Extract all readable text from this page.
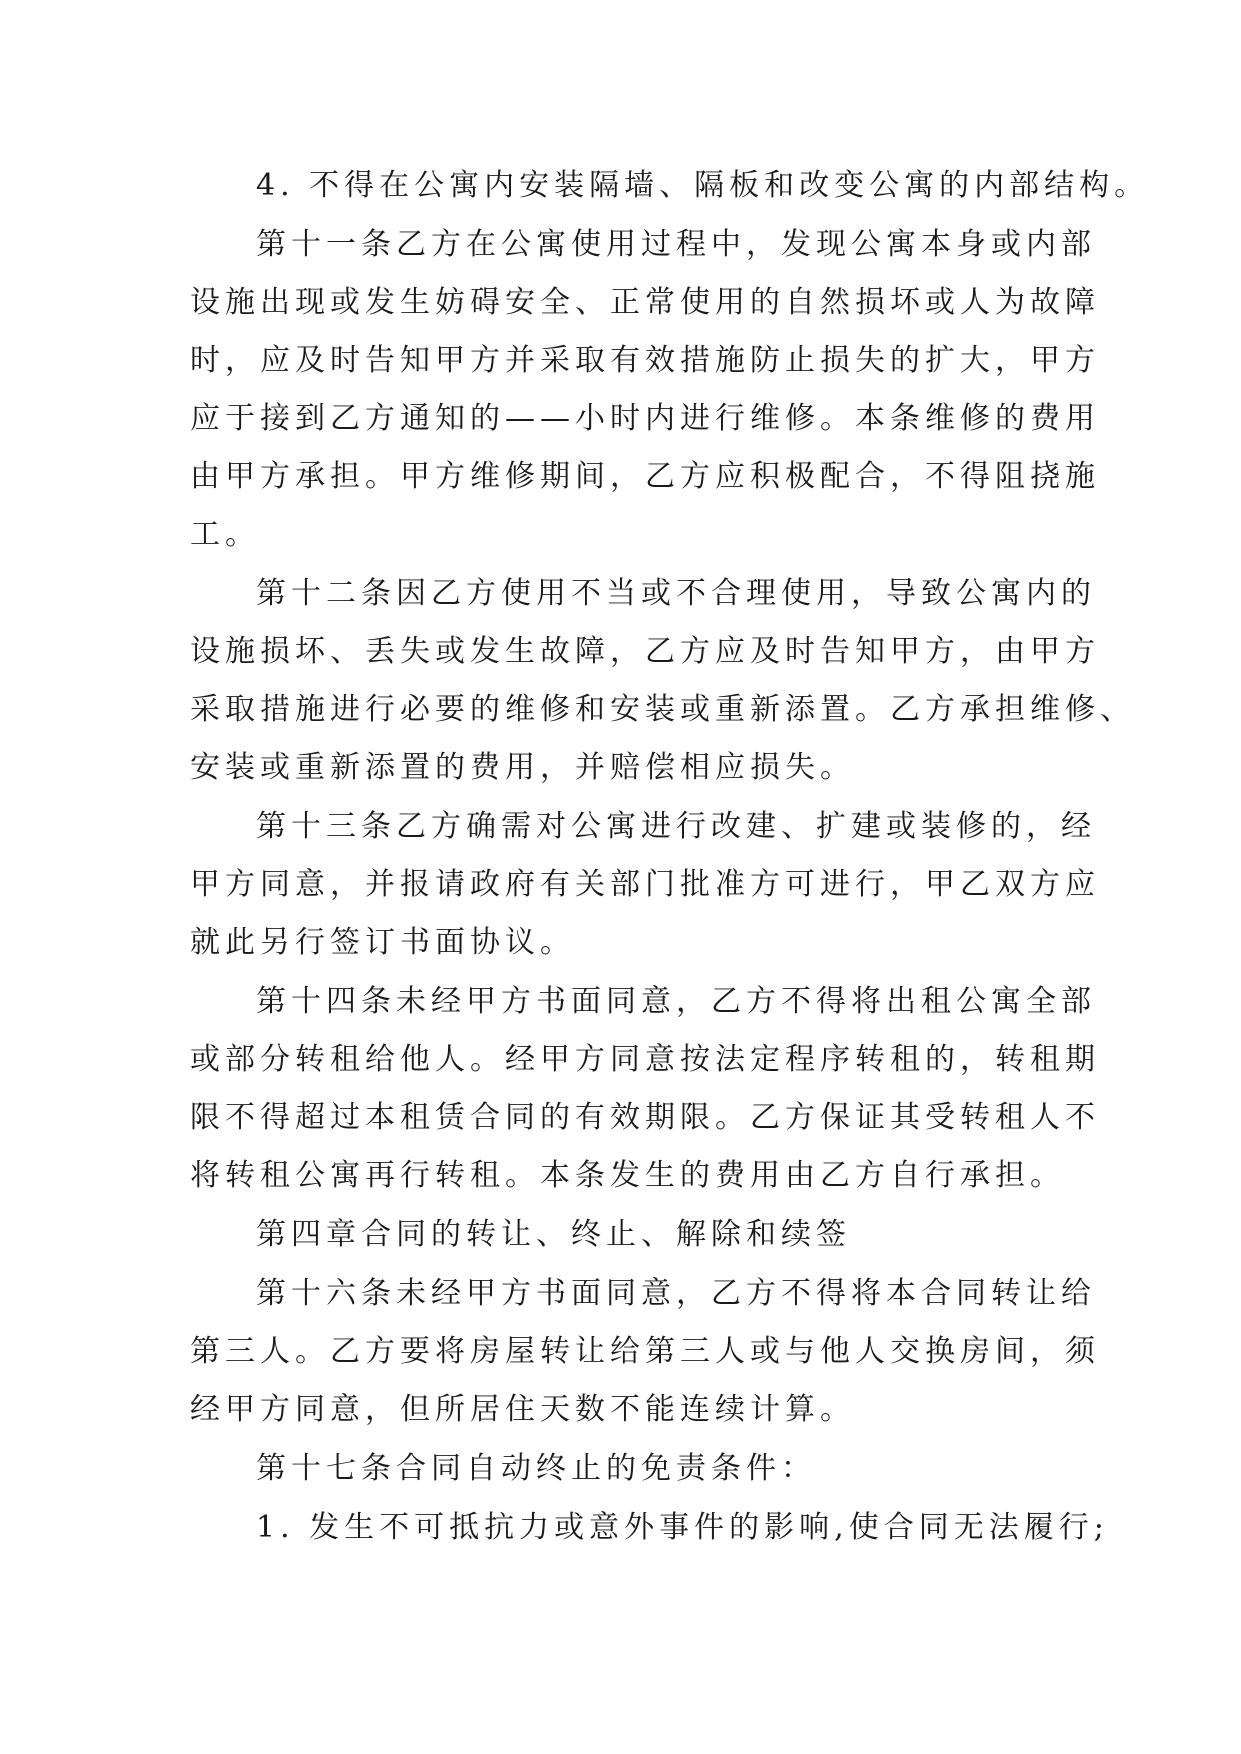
4. 不得在公寓内安装隔墙、隔板和改变公寓的内部结构。
第十一条乙方在公寓使用过程中，发现公寓本身或内部
设施出现或发生妨碍安全、正常使用的自然损坏或人为故障
时，应及时告知甲方并采取有效措施防止损失的扩大，甲方
应于接到乙方通知的——小时内进行维修。本条维修的费用
由甲方承担。甲方维修期间，乙方应积极配合，不得阻挠施
工。
第十二条因乙方使用不当或不合理使用，导致公寓内的
设施损坏、丢失或发生故障，乙方应及时告知甲方，由甲方
采取措施进行必要的维修和安装或重新添置。乙方承担维修、
安装或重新添置的费用，并赔偿相应损失。
第十三条乙方确需对公寓进行改建、扩建或装修的，经
甲方同意，并报请政府有关部门批准方可进行，甲乙双方应
就此另行签订书面协议。
第十四条未经甲方书面同意，乙方不得将出租公寓全部
或部分转租给他人。经甲方同意按法定程序转租的，转租期
限不得超过本租赁合同的有效期限。乙方保证其受转租人不
将转租公寓再行转租。本条发生的费用由乙方自行承担。
第四章合同的转让、终止、解除和续签
第十六条未经甲方书面同意，乙方不得将本合同转让给
第三人。乙方要将房屋转让给第三人或与他人交换房间，须
经甲方同意，但所居住天数不能连续计算。
第十七条合同自动终止的免责条件：
1. 发生不可抵抗力或意外事件的影响,使合同无法履行;
